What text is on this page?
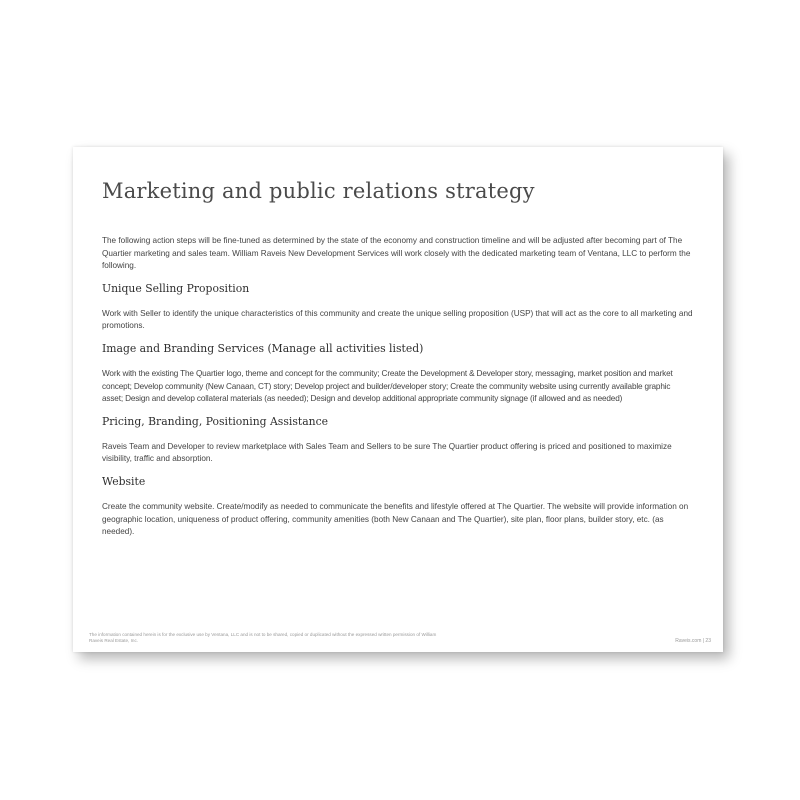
Marketing and public relations strategy

The following action steps will be fine-tuned as determined by the state of the economy and construction timeline and will be adjusted after becoming part of The Quartier marketing and sales team. William Raveis New Development Services will work closely with the dedicated marketing team of Ventana, LLC to perform the following.

Unique Selling Proposition

Work with Seller to identify the unique characteristics of this community and create the unique selling proposition (USP) that will act as the core to all marketing and promotions.

Image and Branding Services (Manage all activities listed)

Work with the existing The Quartier logo, theme and concept for the community; Create the Development & Developer story, messaging, market position and market concept; Develop community (New Canaan, CT) story; Develop project and builder/developer story; Create the community website using currently available graphic asset; Design and develop collateral materials (as needed); Design and develop additional appropriate community signage (if allowed and as needed)

Pricing, Branding, Positioning Assistance

Raveis Team and Developer to review marketplace with Sales Team and Sellers to be sure The Quartier product offering is priced and positioned to maximize visibility, traffic and absorption.

Website

Create the community website. Create/modify as needed to communicate the benefits and lifestyle offered at The Quartier. The website will provide information on geographic location, uniqueness of product offering, community amenities (both New Canaan and The Quartier), site plan, floor plans, builder story, etc. (as needed).

The information contained herein is for the exclusive use by Ventana, LLC and is not to be shared, copied or duplicated without the expressed written permission of William Raveis Real Estate, Inc.	Raveis.com | 23
